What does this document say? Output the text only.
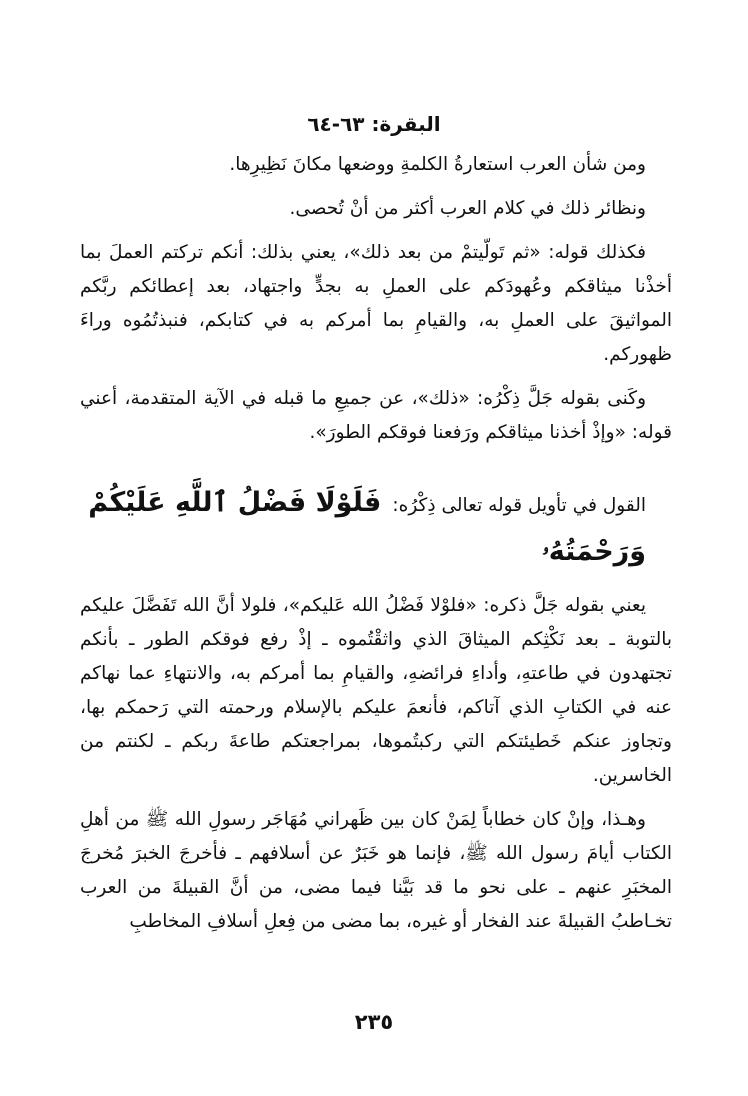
البقرة: ٦٣-٦٤

ومن شأن العرب استعارةُ الكلمةِ ووضعها مكانَ نَظِيرِها.

ونظائر ذلك في كلام العرب أكثر من أنْ تُحصى.

فكذلك قوله: «ثم تَولّيتمْ من بعد ذلك»، يعني بذلك: أنكم تركتم العملَ بما أخذْنا ميثاقكم وعُهودَكم على العملِ به بجدٍّ واجتهاد، بعد إعطائكم ربَّكم المواثيقَ على العملِ به، والقيامِ بما أمركم به في كتابكم، فنبذتُمُوه وراءَ ظهوركم.

وكَنى بقوله جَلَّ ذِكْرُه: «ذلك»، عن جميعِ ما قبله في الآية المتقدمة، أعني قوله: «وإذْ أخذنا ميثاقكم ورَفعنا فوقكم الطورَ».

القول في تأويل قوله تعالى ذِكْرُه: فَلَوْلَا فَضْلُ ٱللَّهِ عَلَيْكُمْ
وَرَحْمَتُهُۥ

يعني بقوله جَلَّ ذكره: «فلوْلا فَضْلُ الله عَليكم»، فلولا أنَّ الله تَفَضَّلَ عليكم بالتوبة ـ بعد نَكْثِكم الميثاقَ الذي واثقْتُموه ـ إذْ رفع فوقكم الطور ـ بأنكم تجتهدون في طاعتهِ، وأداءِ فرائضهِ، والقيامِ بما أمركم به، والانتهاءِ عما نهاكم عنه في الكتابِ الذي آتاكم، فأنعمَ عليكم بالإسلام ورحمته التي رَحمكم بها، وتجاوز عنكم خَطيئتكم التي ركبتُموها، بمراجعتكم طاعةَ ربكم ـ لكنتم من الخاسرين.

وهـذا، وإنْ كان خطاباً لِمَنْ كان بين ظَهراني مُهَاجَر رسولِ الله ﷺ من أهلِ الكتاب أيامَ رسول الله ﷺ، فإنما هو خَبَرٌ عن أسلافهم ـ فأخرجَ الخبرَ مُخرجَ المخبَرِ عنهم ـ على نحو ما قد بَيَّنا فيما مضى، من أنَّ القبيلةَ من العرب تخـاطبُ القبيلةَ عند الفخار أو غيره، بما مضى من فِعلِ أسلافِ المخاطبِ

٢٣٥
